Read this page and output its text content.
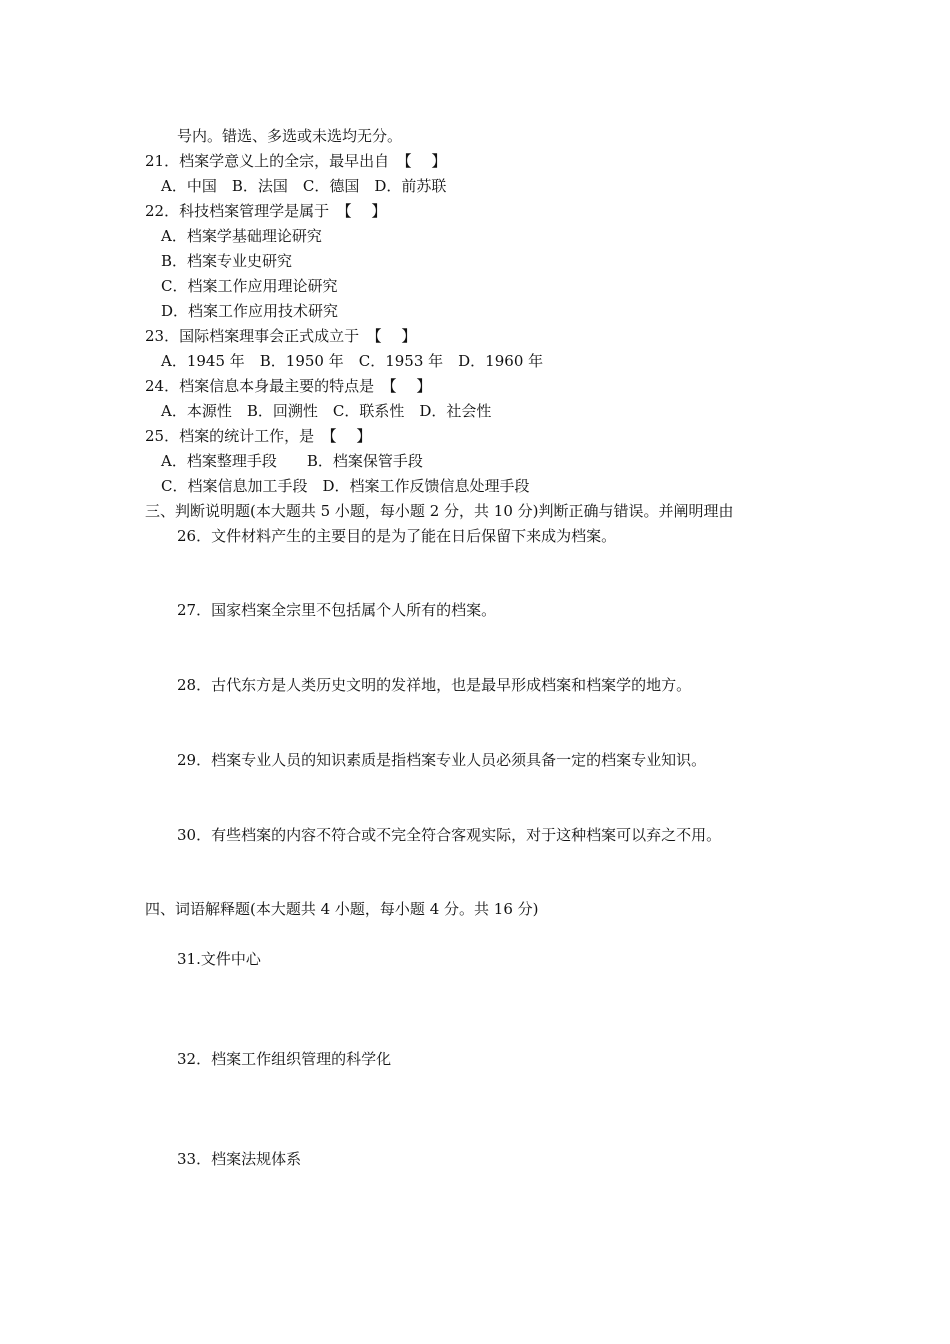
号内。错选、多选或未选均无分。
21．档案学意义上的全宗，最早出自　【　 】
A．中国　B．法国　C．德国　D．前苏联
22．科技档案管理学是属于　【　 】
A．档案学基础理论研究
B．档案专业史研究
C．档案工作应用理论研究
D．档案工作应用技术研究
23．国际档案理事会正式成立于　【　 】
A．1945 年　B．1950 年　C．1953 年　D．1960 年
24．档案信息本身最主要的特点是　【　 】
A．本源性　B．回溯性　C．联系性　D．社会性
25．档案的统计工作，是　【　 】
A．档案整理手段　　B．档案保管手段
C．档案信息加工手段　D．档案工作反馈信息处理手段
三、判断说明题(本大题共 5 小题，每小题 2 分，共 10 分)判断正确与错误。并阐明理由
26．文件材料产生的主要目的是为了能在日后保留下来成为档案。
27．国家档案全宗里不包括属个人所有的档案。
28．古代东方是人类历史文明的发祥地，也是最早形成档案和档案学的地方。
29．档案专业人员的知识素质是指档案专业人员必须具备一定的档案专业知识。
30．有些档案的内容不符合或不完全符合客观实际，对于这种档案可以弃之不用。
四、词语解释题(本大题共 4 小题，每小题 4 分。共 16 分)
31.文件中心
32．档案工作组织管理的科学化
33．档案法规体系
